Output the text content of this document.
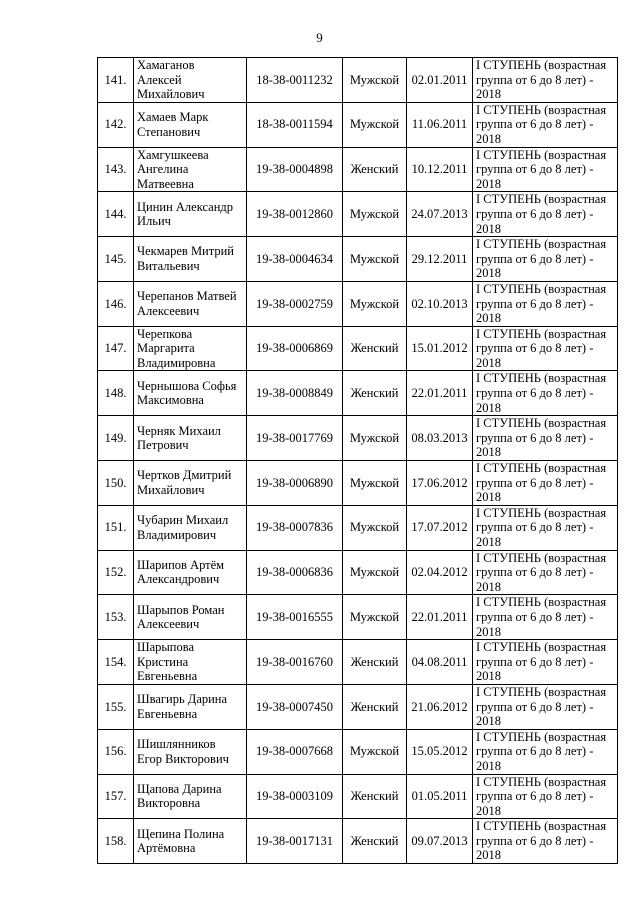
9
141.	Хамаганов
Алексей
Михайлович	18-38-0011232	Мужской	02.01.2011	I СТУПЕНЬ (возрастная
группа от 6 до 8 лет) -
2018
142.	Хамаев Марк
Степанович	18-38-0011594	Мужской	11.06.2011	I СТУПЕНЬ (возрастная
группа от 6 до 8 лет) -
2018
143.	Хамгушкеева
Ангелина
Матвеевна	19-38-0004898	Женский	10.12.2011	I СТУПЕНЬ (возрастная
группа от 6 до 8 лет) -
2018
144.	Цинин Александр
Ильич	19-38-0012860	Мужской	24.07.2013	I СТУПЕНЬ (возрастная
группа от 6 до 8 лет) -
2018
145.	Чекмарев Митрий
Витальевич	19-38-0004634	Мужской	29.12.2011	I СТУПЕНЬ (возрастная
группа от 6 до 8 лет) -
2018
146.	Черепанов Матвей
Алексеевич	19-38-0002759	Мужской	02.10.2013	I СТУПЕНЬ (возрастная
группа от 6 до 8 лет) -
2018
147.	Черепкова
Маргарита
Владимировна	19-38-0006869	Женский	15.01.2012	I СТУПЕНЬ (возрастная
группа от 6 до 8 лет) -
2018
148.	Чернышова Софья
Максимовна	19-38-0008849	Женский	22.01.2011	I СТУПЕНЬ (возрастная
группа от 6 до 8 лет) -
2018
149.	Черняк Михаил
Петрович	19-38-0017769	Мужской	08.03.2013	I СТУПЕНЬ (возрастная
группа от 6 до 8 лет) -
2018
150.	Чертков Дмитрий
Михайлович	19-38-0006890	Мужской	17.06.2012	I СТУПЕНЬ (возрастная
группа от 6 до 8 лет) -
2018
151.	Чубарин Михаил
Владимирович	19-38-0007836	Мужской	17.07.2012	I СТУПЕНЬ (возрастная
группа от 6 до 8 лет) -
2018
152.	Шарипов Артём
Александрович	19-38-0006836	Мужской	02.04.2012	I СТУПЕНЬ (возрастная
группа от 6 до 8 лет) -
2018
153.	Шарыпов Роман
Алексеевич	19-38-0016555	Мужской	22.01.2011	I СТУПЕНЬ (возрастная
группа от 6 до 8 лет) -
2018
154.	Шарыпова
Кристина
Евгеньевна	19-38-0016760	Женский	04.08.2011	I СТУПЕНЬ (возрастная
группа от 6 до 8 лет) -
2018
155.	Швагирь Дарина
Евгеньевна	19-38-0007450	Женский	21.06.2012	I СТУПЕНЬ (возрастная
группа от 6 до 8 лет) -
2018
156.	Шишлянников
Егор Викторович	19-38-0007668	Мужской	15.05.2012	I СТУПЕНЬ (возрастная
группа от 6 до 8 лет) -
2018
157.	Щапова Дарина
Викторовна	19-38-0003109	Женский	01.05.2011	I СТУПЕНЬ (возрастная
группа от 6 до 8 лет) -
2018
158.	Щепина Полина
Артёмовна	19-38-0017131	Женский	09.07.2013	I СТУПЕНЬ (возрастная
группа от 6 до 8 лет) -
2018
